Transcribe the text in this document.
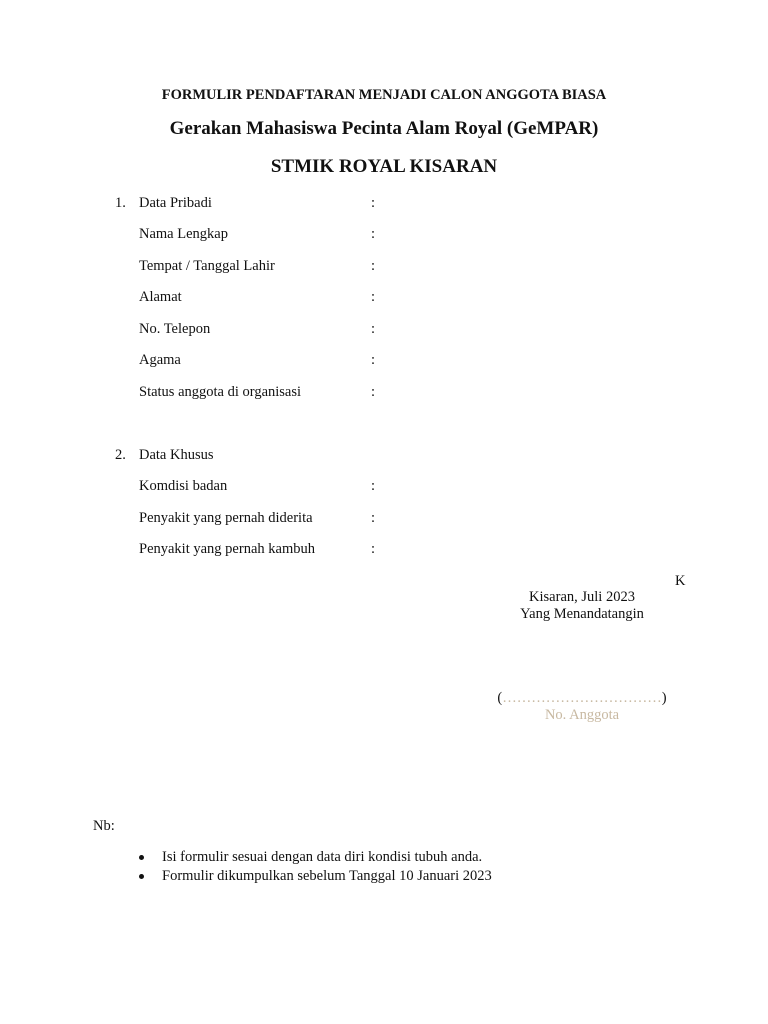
FORMULIR PENDAFTARAN MENJADI CALON ANGGOTA BIASA
Gerakan Mahasiswa Pecinta Alam Royal (GeMPAR)
STMIK ROYAL KISARAN
1. Data Pribadi	:
Nama Lengkap	:
Tempat / Tanggal Lahir	:
Alamat	:
No. Telepon	:
Agama	:
Status anggota di organisasi	:
2. Data Khusus
Komdisi badan	:
Penyakit yang pernah diderita	:
Penyakit yang pernah kambuh	:
K
Kisaran, Juli 2023
Yang Menandatangin
(……………………………)
No. Anggota
Nb:
Isi formulir sesuai dengan data diri kondisi tubuh anda.
Formulir dikumpulkan sebelum Tanggal 10 Januari 2023
